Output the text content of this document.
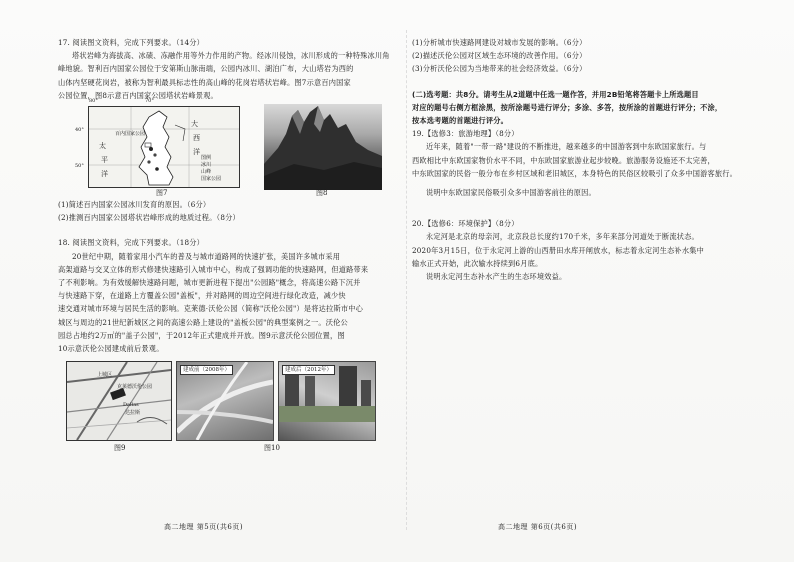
17. 阅读图文资料，完成下列要求。（14分）

塔状岩峰为海拔高、冰碛、冻融作用等外力作用的产物。经冰川侵蚀，冰川形成的一种特殊冰川角

峰地貌。智利百内国家公园位于安第斯山脉南端，公园内冰川、湖泊广布，大山塔岩为西的

山体内坚硬花岗岩，被称为智利最具标志性的高山峰的花岗岩塔状岩峰。图7示意百内国家

公园位置，图8示意百内国家公园塔状岩峰景观。

80°	70°
40°
50°
太
平
洋
大
西
洋
百内国家公园
图例
冰川
山峰
国家公园
图7	图8

(1)简述百内国家公园冰川发育的原因。（6分）

(2)推测百内国家公园塔状岩峰形成的地质过程。（8分）

18. 阅读图文资料，完成下列要求。（18分）

20世纪中期，随着家用小汽车的普及与城市道路网的快速扩张，美国许多城市采用

高架道路与交叉立体的形式修建快速路引入城市中心，构成了强调功能的快速路网，但道路带来

了不利影响。为有效缓解快速路问题，城市更新进程下提出"公园路"概念，将高速公路下沉并

与快速路下穿，在道路上方覆盖公园"盖板"，并对路网的周边空间进行绿化改造，减少快

速交通对城市环境与居民生活的影响。克莱德·沃伦公园（简称"沃伦公园"）是将达拉斯市中心

城区与周边的21世纪新城区之间的高速公路上建设的"盖板公园"的典型案例之一。沃伦公

园总占地约2万㎡的"盖子公园"，于2012年正式建成并开放。图9示意沃伦公园位置，图

10示意沃伦公园建成前后景观。

上城区
克莱德沃伦公园
Dallas
达拉斯
图9
建成前（2008年）	建成后（2012年）
图10

(1)分析城市快速路网建设对城市发展的影响。（6分）

(2)描述沃伦公园对区域生态环境的改善作用。（6分）

(3)分析沃伦公园为当地带来的社会经济效益。（6分）

(二)选考题：共8分。请考生从2道题中任选一题作答，并用2B铅笔将答题卡上所选题目

对应的题号右侧方框涂黑，按所涂题号进行评分；多涂、多答，按所涂的首题进行评分；不涂，

按本选考题的首题进行评分。

19.【选修3：旅游地理】（8分）

近年来，随着"一带一路"建设的不断推进，越来越多的中国游客到中东欧国家旅行。与

西欧相比中东欧国家物价水平不同，中东欧国家旅游业起步较晚。旅游服务设施还不太完善，

中东欧国家的民俗一般分布在乡村区域和老旧城区，本身特色的民俗区较吸引了众多中国游客旅行。

说明中东欧国家民俗吸引众多中国游客前往的原因。

20.【选修6：环境保护】（8分）

永定河是北京的母亲河，北京段总长度约170千米，多年来部分河道处于断流状态。

2020年3月15日，位于永定河上游的山西册田水库开闸放水，标志着永定河生态补水集中

输水正式开始，此次输水持续到6月底。

说明永定河生态补水产生的生态环境效益。

高二地理 第5页(共6页)	高二地理 第6页(共6页)
